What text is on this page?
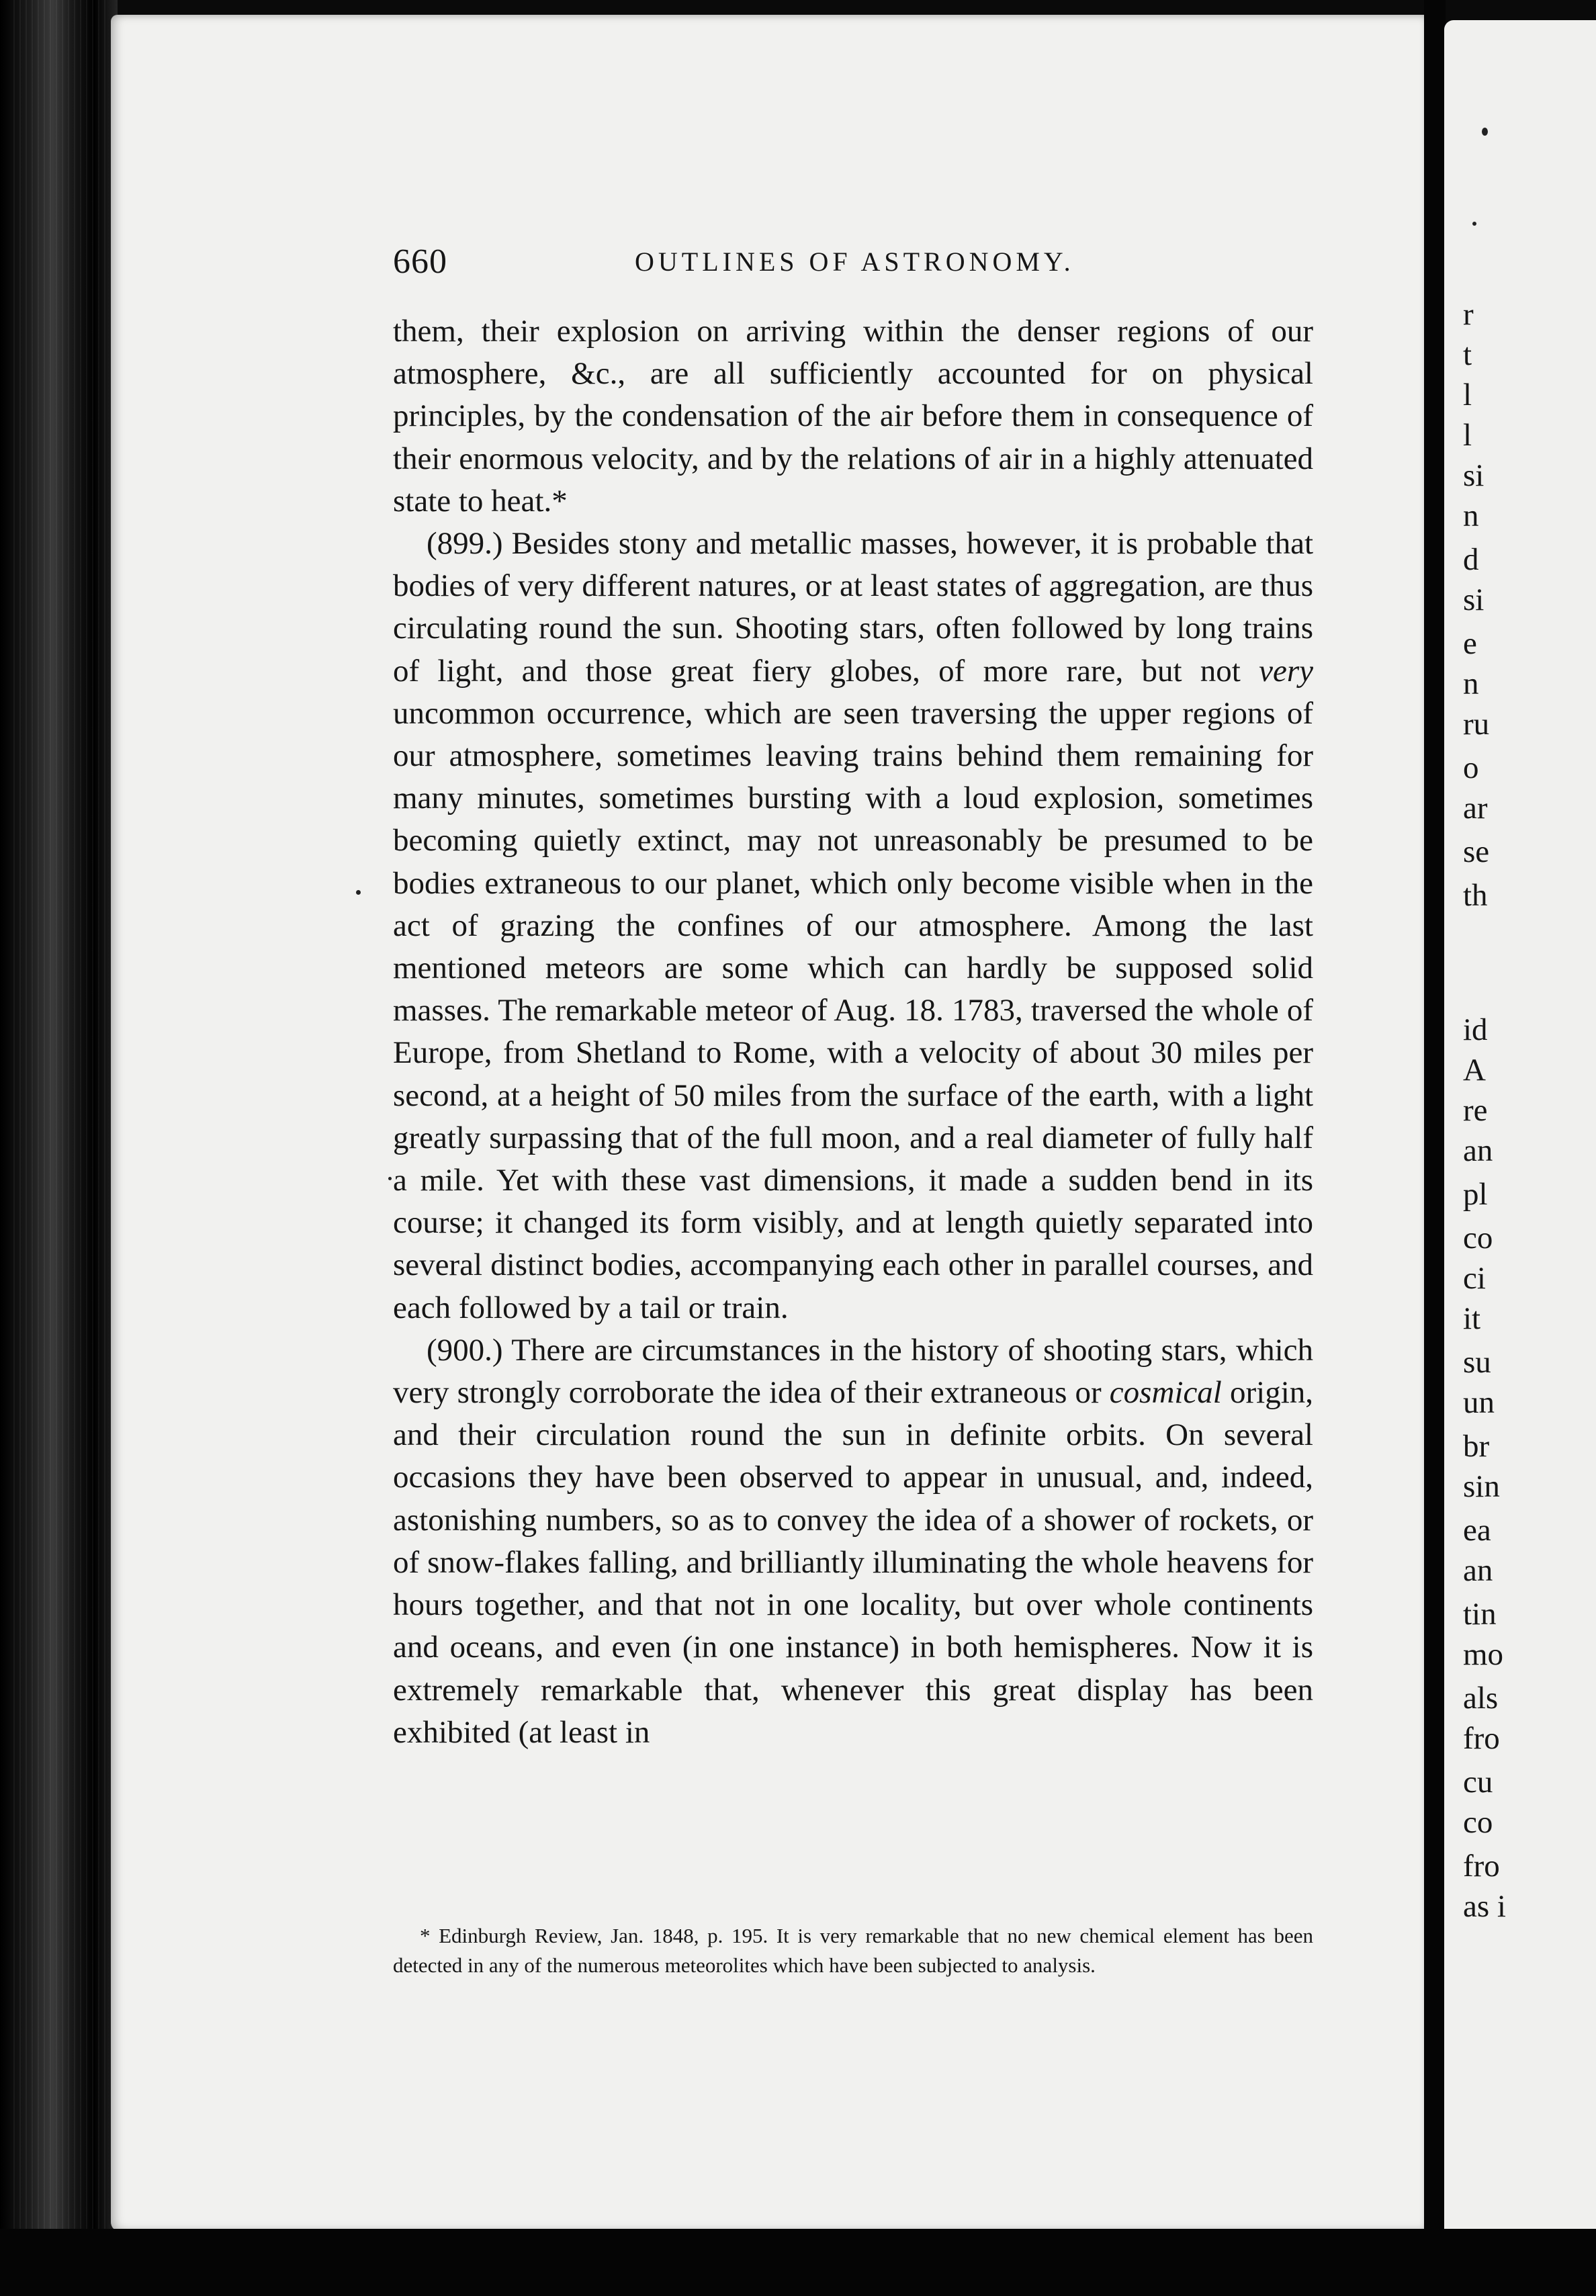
660	OUTLINES OF ASTRONOMY.

them, their explosion on arriving within the denser regions of our atmosphere, &c., are all sufficiently accounted for on physical principles, by the condensation of the air before them in consequence of their enormous velocity, and by the relations of air in a highly attenuated state to heat.*

(899.) Besides stony and metallic masses, however, it is probable that bodies of very different natures, or at least states of aggregation, are thus circulating round the sun. Shooting stars, often followed by long trains of light, and those great fiery globes, of more rare, but not very uncommon occurrence, which are seen traversing the upper regions of our atmosphere, sometimes leaving trains behind them remaining for many minutes, sometimes bursting with a loud explosion, sometimes becoming quietly extinct, may not unreasonably be presumed to be bodies extraneous to our planet, which only become visible when in the act of grazing the confines of our atmosphere. Among the last mentioned meteors are some which can hardly be supposed solid masses. The remarkable meteor of Aug. 18. 1783, traversed the whole of Europe, from Shetland to Rome, with a velocity of about 30 miles per second, at a height of 50 miles from the surface of the earth, with a light greatly surpassing that of the full moon, and a real diameter of fully half a mile. Yet with these vast dimensions, it made a sudden bend in its course; it changed its form visibly, and at length quietly separated into several distinct bodies, accompanying each other in parallel courses, and each followed by a tail or train.

(900.) There are circumstances in the history of shooting stars, which very strongly corroborate the idea of their extraneous or cosmical origin, and their circulation round the sun in definite orbits. On several occasions they have been observed to appear in unusual, and, indeed, astonishing numbers, so as to convey the idea of a shower of rockets, or of snow-flakes falling, and brilliantly illuminating the whole heavens for hours together, and that not in one locality, but over whole continents and oceans, and even (in one instance) in both hemispheres. Now it is extremely remarkable that, whenever this great display has been exhibited (at least in

* Edinburgh Review, Jan. 1848, p. 195. It is very remarkable that no new chemical element has been detected in any of the numerous meteorolites which have been subjected to analysis.
r
t
l
l
si
n
d
si
e
n
ru
o
ar
se
th
id
A
re
an
pl
co
ci
it
su
un
br
sin
ea
an
tin
mo
als
fro
cu
co
fro
as i
